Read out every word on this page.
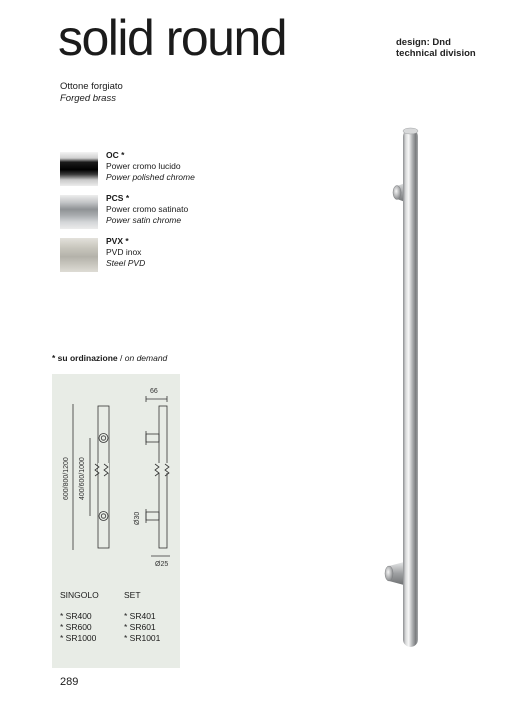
solid round	design: Dnd
technical division
Ottone forgiato
Forged brass
OC *
Power cromo lucido
Power polished chrome
PCS *
Power cromo satinato
Power satin chrome
PVX *
PVD inox
Steel PVD
* su ordinazione / on demand
600/800/1200 400/600/1000
66
Ø30
Ø25
SINGOLO
* SR400
* SR600
* SR1000
SET
* SR401
* SR601
* SR1001
289
